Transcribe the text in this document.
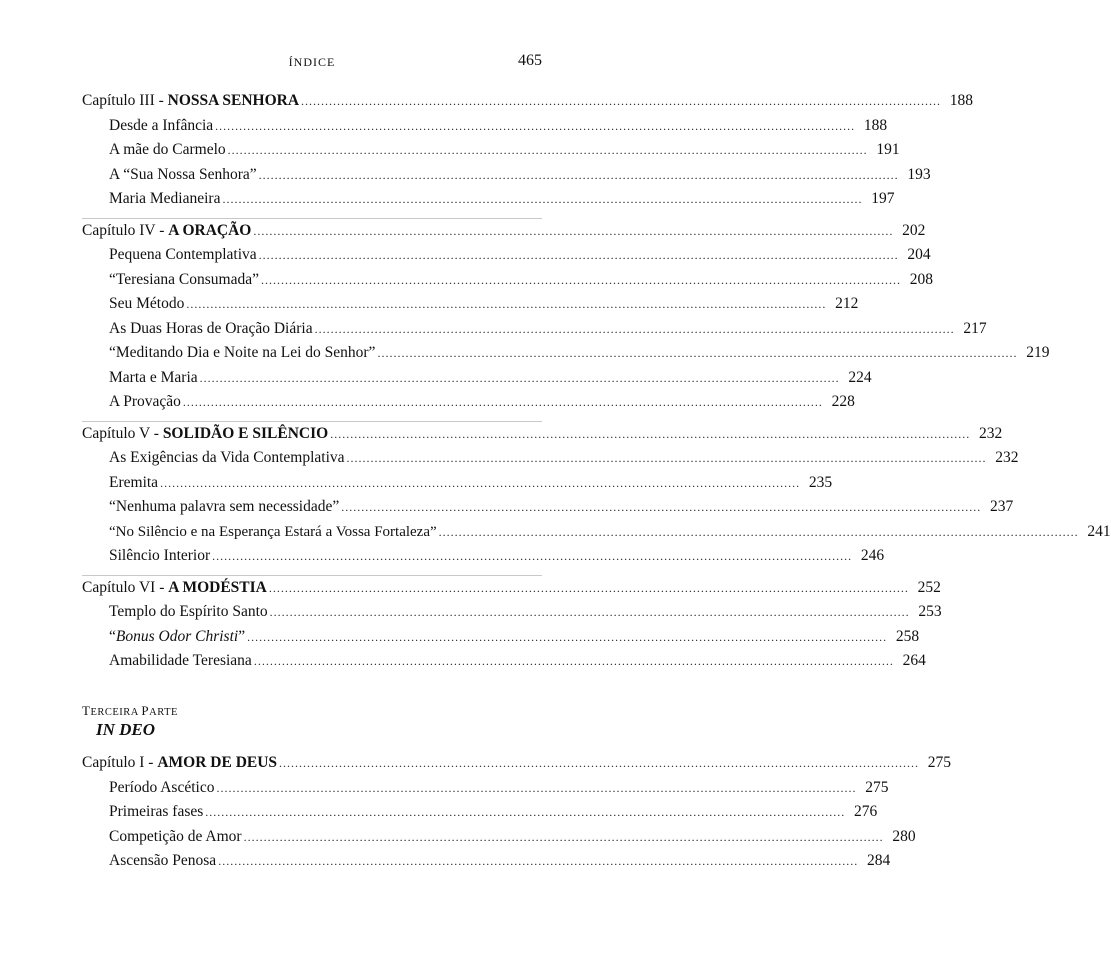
ÍNDICE	465
Capítulo III - NOSSA SENHORA .....	188
Desde a Infância .....	188
A mãe do Carmelo .....	191
A “Sua Nossa Senhora” .....	193
Maria Medianeira .....	197
Capítulo IV - A ORAÇÃO .....	202
Pequena Contemplativa .....	204
“Teresiana Consumada” .....	208
Seu Método .....	212
As Duas Horas de Oração Diária .....	217
“Meditando Dia e Noite na Lei do Senhor” .....	219
Marta e Maria .....	224
A Provação .....	228
Capítulo V - SOLIDÃO E SILÊNCIO .....	232
As Exigências da Vida Contemplativa .....	232
Eremita .....	235
“Nenhuma palavra sem necessidade” .....	237
“No Silêncio e na Esperança Estará a Vossa Fortaleza” .....	241
Silêncio Interior .....	246
Capítulo VI - A MODÉSTIA .....	252
Templo do Espírito Santo .....	253
“Bonus Odor Christi” .....	258
Amabilidade Teresiana .....	264
TERCEIRA PARTE
IN DEO
Capítulo I - AMOR DE DEUS .....	275
Período Ascético .....	275
Primeiras fases .....	276
Competição de Amor .....	280
Ascensão Penosa .....	284
